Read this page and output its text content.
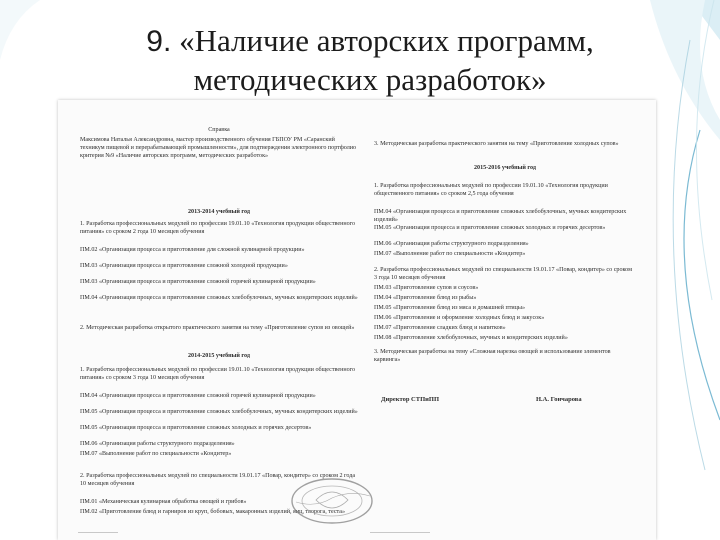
9. «Наличие авторских программ,
методических разработок»

Справка

Максимова Наталья Александровна, мастер производственного обучения ГБПОУ РМ «Саранский техникум пищевой и перерабатывающей промышленности», для подтверждения электронного портфолио критерия №9 «Наличие авторских программ, методических разработок»

2013-2014 учебный год

1. Разработка профессиональных модулей по профессии 19.01.10 «Технология продукции общественного питания» со сроком 2 года 10 месяцев обучения

ПМ.02 «Организация процесса и приготовление для сложной кулинарной продукции»

ПМ.03 «Организация процесса и приготовление сложной холодной продукции»

ПМ.03 «Организация процесса и приготовление сложной горячей кулинарной продукции»

ПМ.04 «Организация процесса и приготовление сложных хлебобулочных, мучных кондитерских изделий»

2. Методическая разработка открытого практического занятия на тему «Приготовление супов из овощей»

2014-2015 учебный год

1. Разработка профессиональных модулей по профессии 19.01.10 «Технология продукции общественного питания» со сроком 3 года 10 месяцев обучения

ПМ.04 «Организация процесса и приготовление сложной горячей кулинарной продукции»

ПМ.05 «Организация процесса и приготовление сложных хлебобулочных, мучных кондитерских изделий»

ПМ.05 «Организация процесса и приготовление сложных холодных и горячих десертов»

ПМ.06 «Организация работы структурного подразделения»

ПМ.07 «Выполнение работ по специальности «Кондитер»

2. Разработка профессиональных модулей по специальности 19.01.17 «Повар, кондитер» со сроком 2 года 10 месяцев обучения

ПМ.01 «Механическая кулинарная обработка овощей и грибов»

ПМ.02 «Приготовление блюд и гарниров из круп, бобовых, макаронных изделий, яиц, творога, теста»

3. Методическая разработка практического занятия на тему «Приготовление холодных супов»

2015-2016 учебный год

1. Разработка профессиональных модулей по профессии 19.01.10 «Технология продукции общественного питания» со сроком 2,5 года обучения

ПМ.04 «Организация процесса и приготовление сложных хлебобулочных, мучных кондитерских изделий»

ПМ.05 «Организация процесса и приготовление сложных холодных и горячих десертов»

ПМ.06 «Организация работы структурного подразделения»

ПМ.07 «Выполнение работ по специальности «Кондитер»

2. Разработка профессиональных модулей по специальности 19.01.17 «Повар, кондитер» со сроком 3 года 10 месяцев обучения

ПМ.03 «Приготовление супов и соусов»

ПМ.04 «Приготовление блюд из рыбы»

ПМ.05 «Приготовление блюд из мяса и домашней птицы»

ПМ.06 «Приготовление и оформление холодных блюд и закусок»

ПМ.07 «Приготовление сладких блюд и напитков»

ПМ.08 «Приготовление хлебобулочных, мучных и кондитерских изделий»

3. Методическая разработка на тему «Сложная нарезка овощей и использование элементов карвинга»

Директор СТПиПП	Н.А. Гончарова
